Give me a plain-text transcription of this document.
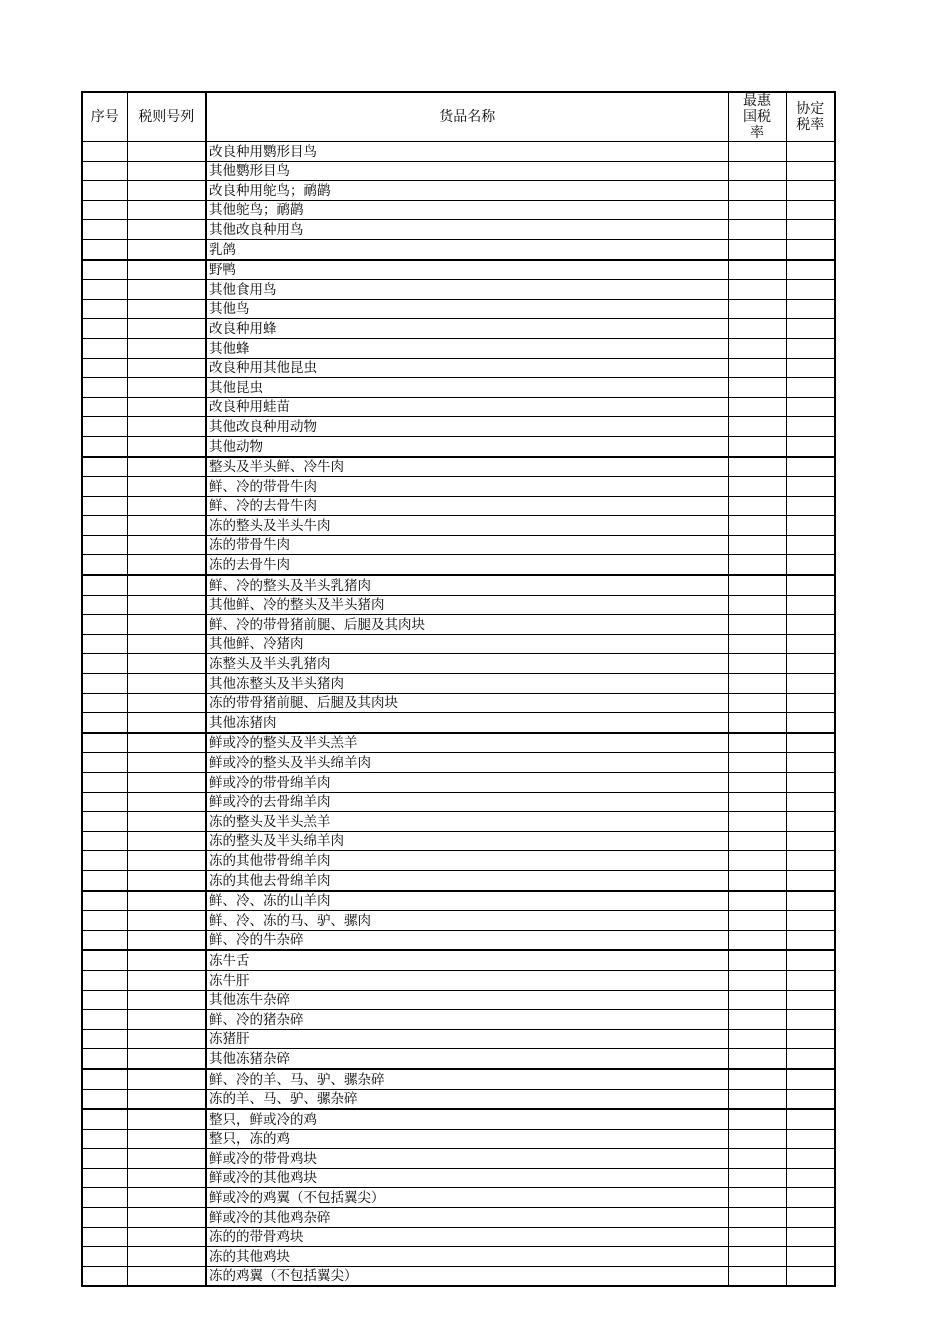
序号	税则号列	货品名称	最惠国税率	协定税率

		改良种用鹦形目鸟		
		其他鹦形目鸟		
		改良种用鸵鸟；鸸鹋		
		其他鸵鸟；鸸鹋		
		其他改良种用鸟		
		乳鸽		
		野鸭		
		其他食用鸟		
		其他鸟		
		改良种用蜂		
		其他蜂		
		改良种用其他昆虫		
		其他昆虫		
		改良种用蛙苗		
		其他改良种用动物		
		其他动物		
		整头及半头鲜、冷牛肉		
		鲜、冷的带骨牛肉		
		鲜、冷的去骨牛肉		
		冻的整头及半头牛肉		
		冻的带骨牛肉		
		冻的去骨牛肉		
		鲜、冷的整头及半头乳猪肉		
		其他鲜、冷的整头及半头猪肉		
		鲜、冷的带骨猪前腿、后腿及其肉块		
		其他鲜、冷猪肉		
		冻整头及半头乳猪肉		
		其他冻整头及半头猪肉		
		冻的带骨猪前腿、后腿及其肉块		
		其他冻猪肉		
		鲜或冷的整头及半头羔羊		
		鲜或冷的整头及半头绵羊肉		
		鲜或冷的带骨绵羊肉		
		鲜或冷的去骨绵羊肉		
		冻的整头及半头羔羊		
		冻的整头及半头绵羊肉		
		冻的其他带骨绵羊肉		
		冻的其他去骨绵羊肉		
		鲜、冷、冻的山羊肉		
		鲜、冷、冻的马、驴、骡肉		
		鲜、冷的牛杂碎		
		冻牛舌		
		冻牛肝		
		其他冻牛杂碎		
		鲜、冷的猪杂碎		
		冻猪肝		
		其他冻猪杂碎		
		鲜、冷的羊、马、驴、骡杂碎		
		冻的羊、马、驴、骡杂碎		
		整只，鲜或冷的鸡		
		整只，冻的鸡		
		鲜或冷的带骨鸡块		
		鲜或冷的其他鸡块		
		鲜或冷的鸡翼（不包括翼尖）		
		鲜或冷的其他鸡杂碎		
		冻的的带骨鸡块		
		冻的其他鸡块		
		冻的鸡翼（不包括翼尖）		
